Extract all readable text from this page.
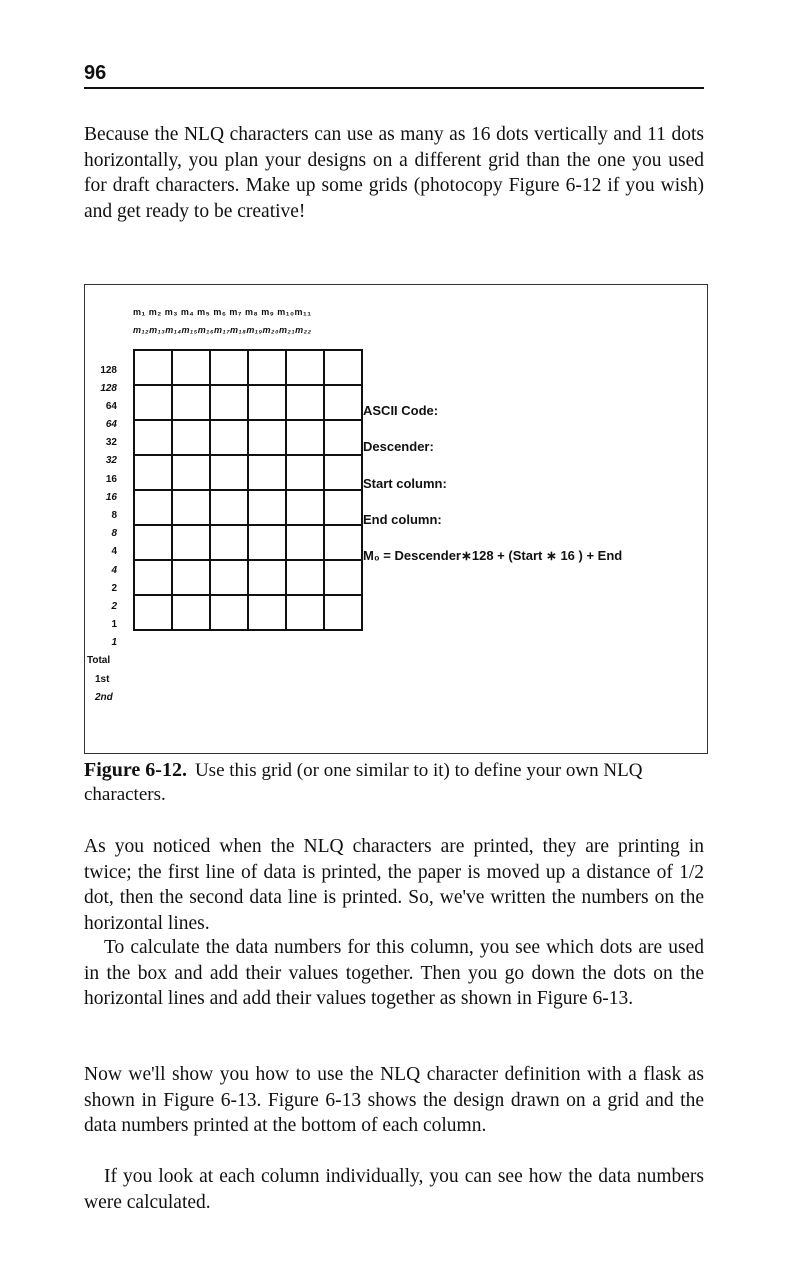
96

Because the NLQ characters can use as many as 16 dots vertically and 11 dots horizontally, you plan your designs on a different grid than the one you used for draft characters. Make up some grids (photocopy Figure 6-12 if you wish) and get ready to be creative!

m₁ m₂ m₃ m₄ m₅ m₆ m₇ m₈ m₉ m₁₀m₁₁
m₁₂m₁₃m₁₄m₁₅m₁₆m₁₇m₁₈m₁₉m₂₀m₂₁m₂₂
128
128
64
64
32
32
16
16
8
8
4
4
2
2
1
1
Total
1st
2nd

ASCII Code:
Descender:
Start column:
End column:
M₀ = Descender∗128 + (Start ∗ 16 ) + End
Figure 6-12. Use this grid (or one similar to it) to define your own NLQ characters.

As you noticed when the NLQ characters are printed, they are printing in twice; the first line of data is printed, the paper is moved up a distance of 1/2 dot, then the second data line is printed. So, we've written the numbers on the horizontal lines.

To calculate the data numbers for this column, you see which dots are used in the box and add their values together. Then you go down the dots on the horizontal lines and add their values together as shown in Figure 6-13.

Now we'll show you how to use the NLQ character definition with a flask as shown in Figure 6-13. Figure 6-13 shows the design drawn on a grid and the data numbers printed at the bottom of each column.

If you look at each column individually, you can see how the data numbers were calculated.
